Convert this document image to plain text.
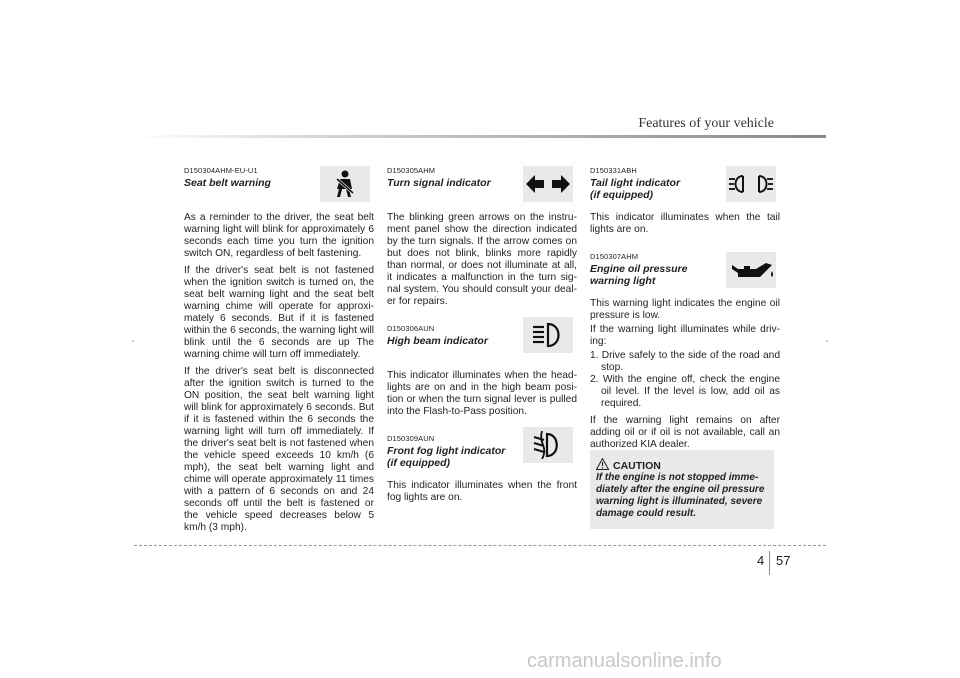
Features of your vehicle

D150304AHM-EU-U1

Seat belt warning

As a reminder to the driver, the seat belt warning light will blink for approximately 6 seconds each time you turn the ignition switch ON, regardless of belt fastening.

If the driver's seat belt is not fastened when the ignition switch is turned on, the seat belt warning light and the seat belt warning chime will operate for approxi-mately 6 seconds. But if it is fastened within the 6 seconds, the warning light will blink until the 6 seconds are up The warning chime will turn off immediately.

If the driver's seat belt is disconnected after the ignition switch is turned to the ON position, the seat belt warning light will blink for approximately 6 seconds. But if it is fastened within the 6 seconds the warning light will turn off immediately. If the driver's seat belt is not fastened when the vehicle speed exceeds 10 km/h (6 mph), the seat belt warning light and chime will operate approximately 11 times with a pattern of 6 seconds on and 24 seconds off until the belt is fastened or the vehicle speed decreases below 5 km/h (3 mph).

D150305AHM

Turn signal indicator

The blinking green arrows on the instru-ment panel show the direction indicated by the turn signals. If the arrow comes on but does not blink, blinks more rapidly than normal, or does not illuminate at all, it indicates a malfunction in the turn sig-nal system. You should consult your deal-er for repairs.

D150306AUN

High beam indicator

This indicator illuminates when the head-lights are on and in the high beam posi-tion or when the turn signal lever is pulled into the Flash-to-Pass position.

D150309AUN

Front fog light indicator

(if equipped)

This indicator illuminates when the front fog lights are on.

D150331ABH

Tail light indicator

(if equipped)

This indicator illuminates when the tail lights are on.

D150307AHM

Engine oil pressure

warning light

This warning light indicates the engine oil pressure is low.

If the warning light illuminates while driv-ing:

1. Drive safely to the side of the road and stop.
2. With the engine off, check the engine oil level. If the level is low, add oil as required.

If the warning light remains on after adding oil or if oil is not available, call an authorized KIA dealer.

CAUTION
If the engine is not stopped imme-diately after the engine oil pressure warning light is illuminated, severe damage could result.
4 57
carmanualsonline.info
